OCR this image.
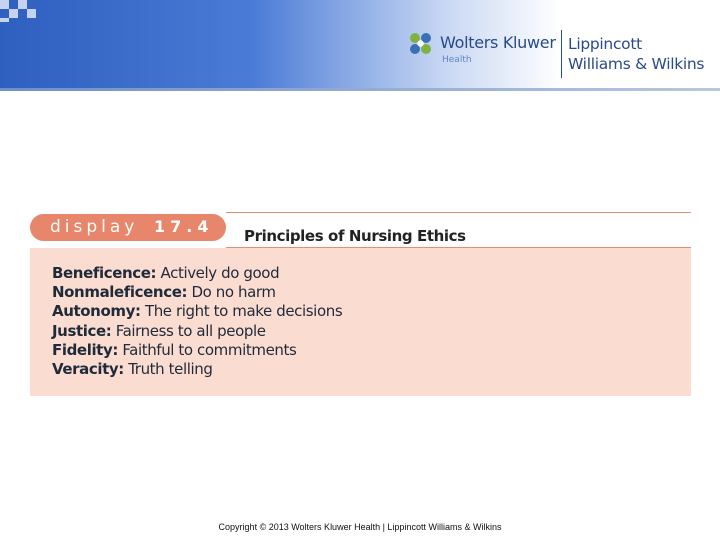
Wolters Kluwer
Health
Lippincott
Williams & Wilkins
display 17.4 Principles of Nursing Ethics
Beneficence: Actively do good
Nonmaleficence: Do no harm
Autonomy: The right to make decisions
Justice: Fairness to all people
Fidelity: Faithful to commitments
Veracity: Truth telling
Copyright © 2013 Wolters Kluwer Health | Lippincott Williams & Wilkins
